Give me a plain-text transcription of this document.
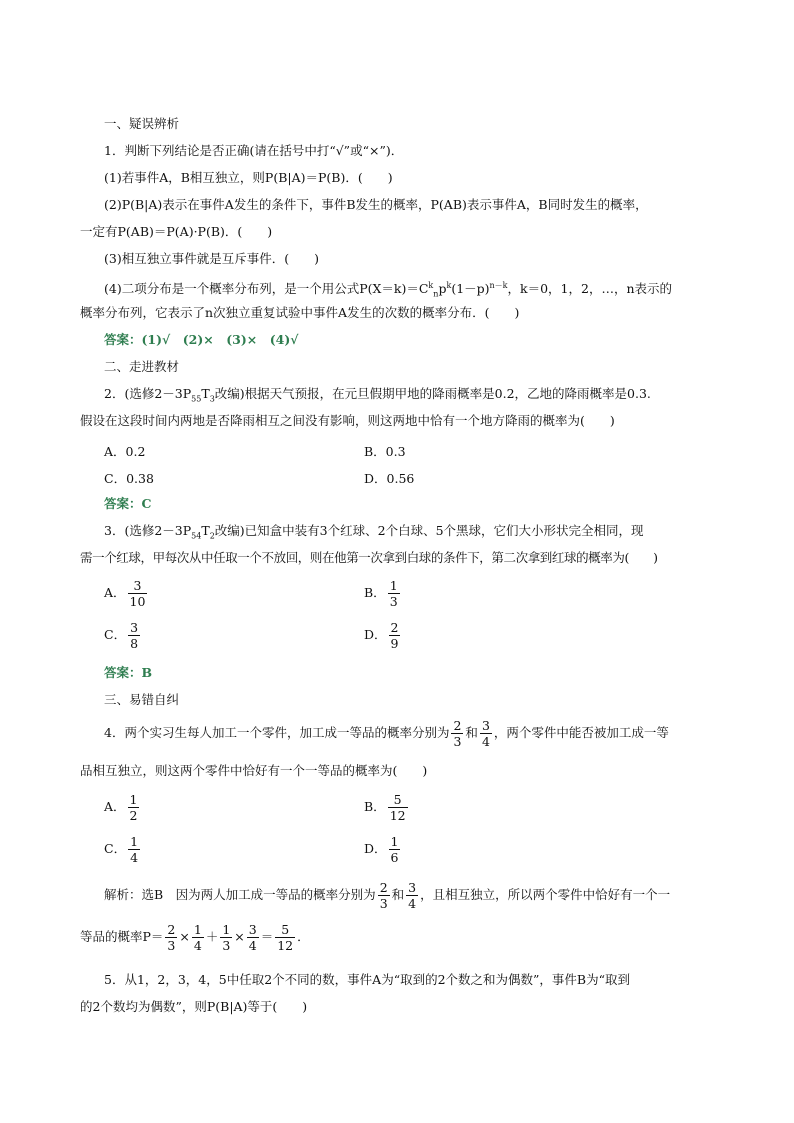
一、疑误辨析
1．判断下列结论是否正确(请在括号中打“√”或“×”)．
(1)若事件A，B相互独立，则P(B|A)＝P(B)．(　　)
(2)P(B|A)表示在事件A发生的条件下，事件B发生的概率，P(AB)表示事件A，B同时发生的概率，
一定有P(AB)＝P(A)·P(B)．(　　)
(3)相互独立事件就是互斥事件．(　　)
(4)二项分布是一个概率分布列，是一个用公式$P(X=k)=C^k_np^k(1-p)^{n-k}$，k＝0，1，2，…，n表示的
概率分布列，它表示了n次独立重复试验中事件A发生的次数的概率分布．(　　)
答案：(1)√　(2)×　(3)×　(4)√
二、走进教材
2．(选修$2-3P_{55}T_3$改编)根据天气预报，在元旦假期甲地的降雨概率是0.2，乙地的降雨概率是0.3.
假设在这段时间内两地是否降雨相互之间没有影响，则这两地中恰有一个地方降雨的概率为(　　)
A．0.2	B．0.3
C．0.38	D．0.56
答案：C
3．(选修$2-3P_{54}T_2$改编)已知盒中装有3个红球、2个白球、5个黑球，它们大小形状完全相同，现
需一个红球，甲每次从中任取一个不放回，则在他第一次拿到白球的条件下，第二次拿到红球的概率为(　　)
A． $\frac{3}{10}$	B． $\frac{1}{3}$
C． $\frac{3}{8}$	D． $\frac{2}{9}$
答案：B
三、易错自纠
4．两个实习生每人加工一个零件，加工成一等品的概率分别为 $\frac{2}{3}$ 和 $\frac{3}{4}$ ，两个零件中能否被加工成一等
品相互独立，则这两个零件中恰好有一个一等品的概率为(　　)
A． $\frac{1}{2}$	B． $\frac{5}{12}$
C． $\frac{1}{4}$	D． $\frac{1}{6}$
解析：选B　因为两人加工成一等品的概率分别为 $\frac{2}{3}$ 和 $\frac{3}{4}$ ，且相互独立，所以两个零件中恰好有一个一
等品的概率$P= \frac{2}{3} \times \frac{1}{4} + \frac{1}{3} \times \frac{3}{4} = \frac{5}{12}$ ．
5．从1，2，3，4，5中任取2个不同的数，事件A为“取到的2个数之和为偶数”，事件B为“取到
的2个数均为偶数”，则P(B|A)等于(　　)
